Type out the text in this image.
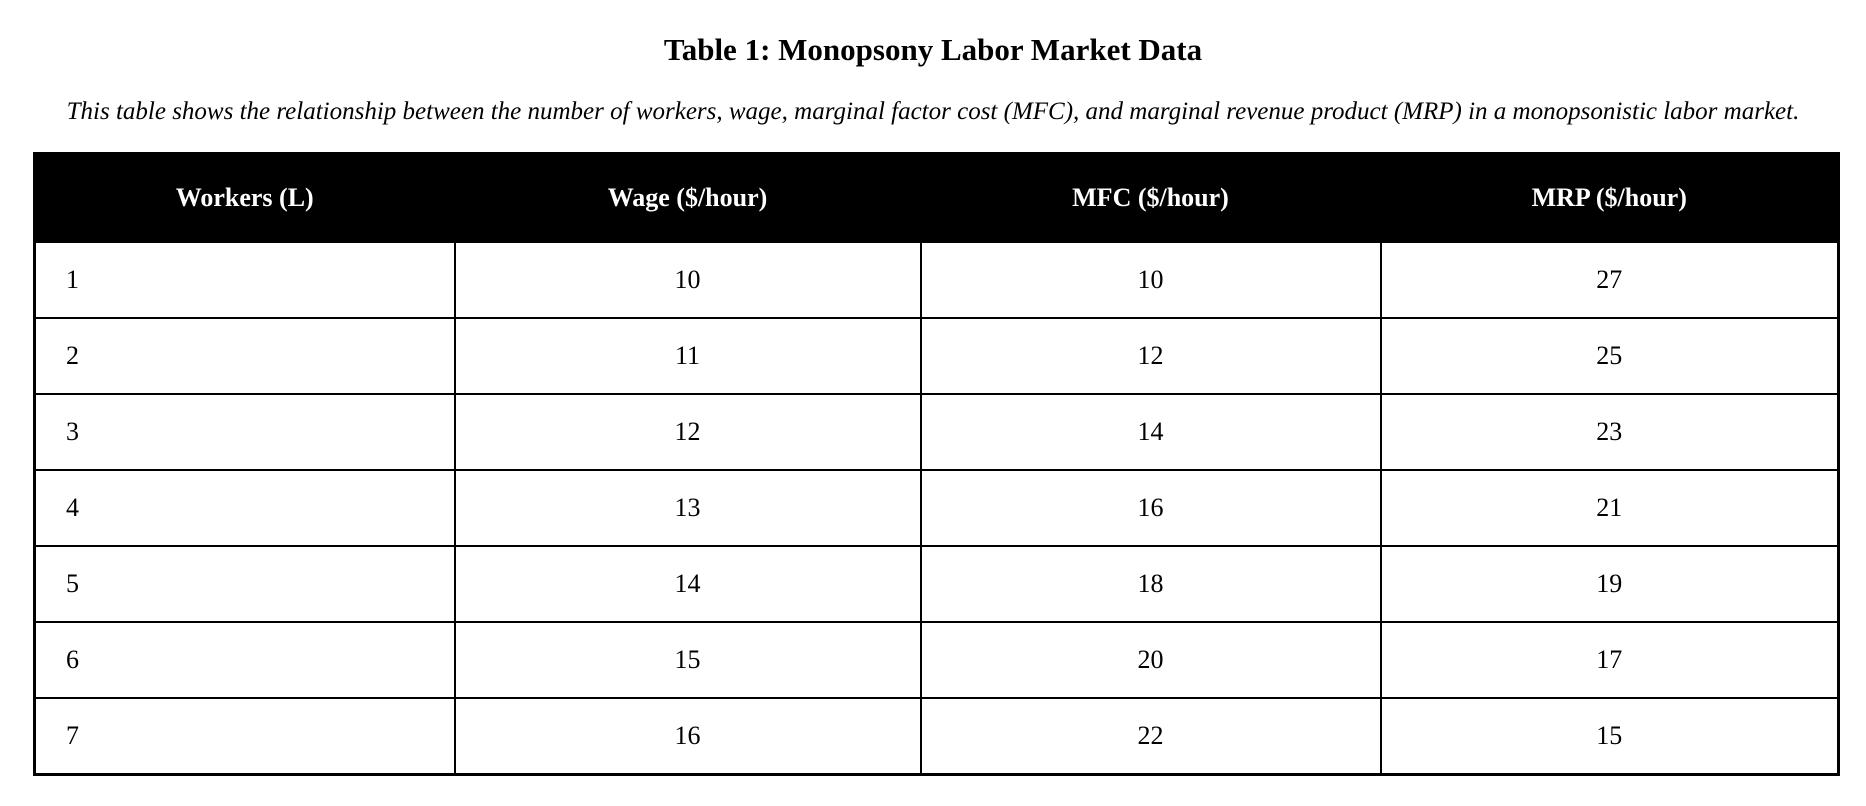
Table 1: Monopsony Labor Market Data
This table shows the relationship between the number of workers, wage, marginal factor cost (MFC), and marginal revenue product (MRP) in a monopsonistic labor market.
Workers (L)	Wage ($/hour)	MFC ($/hour)	MRP ($/hour)
1	10	10	27
2	11	12	25
3	12	14	23
4	13	16	21
5	14	18	19
6	15	20	17
7	16	22	15
